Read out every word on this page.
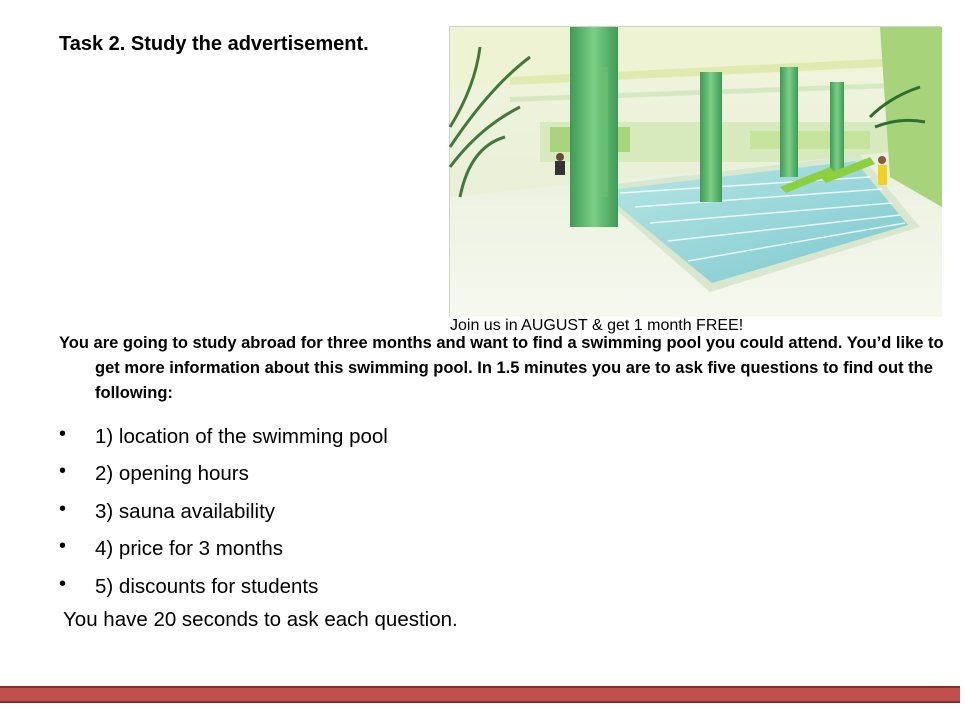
Task 2. Study the advertisement.
Join us in AUGUST & get 1 month FREE!

You are going to study abroad for three months and want to find a swimming pool you could attend. You’d like to get more information about this swimming pool. In 1.5 minutes you are to ask five questions to find out the following:

• 1) location of the swimming pool
• 2) opening hours
• 3) sauna availability
• 4) price for 3 months
• 5) discounts for students

You have 20 seconds to ask each question.
